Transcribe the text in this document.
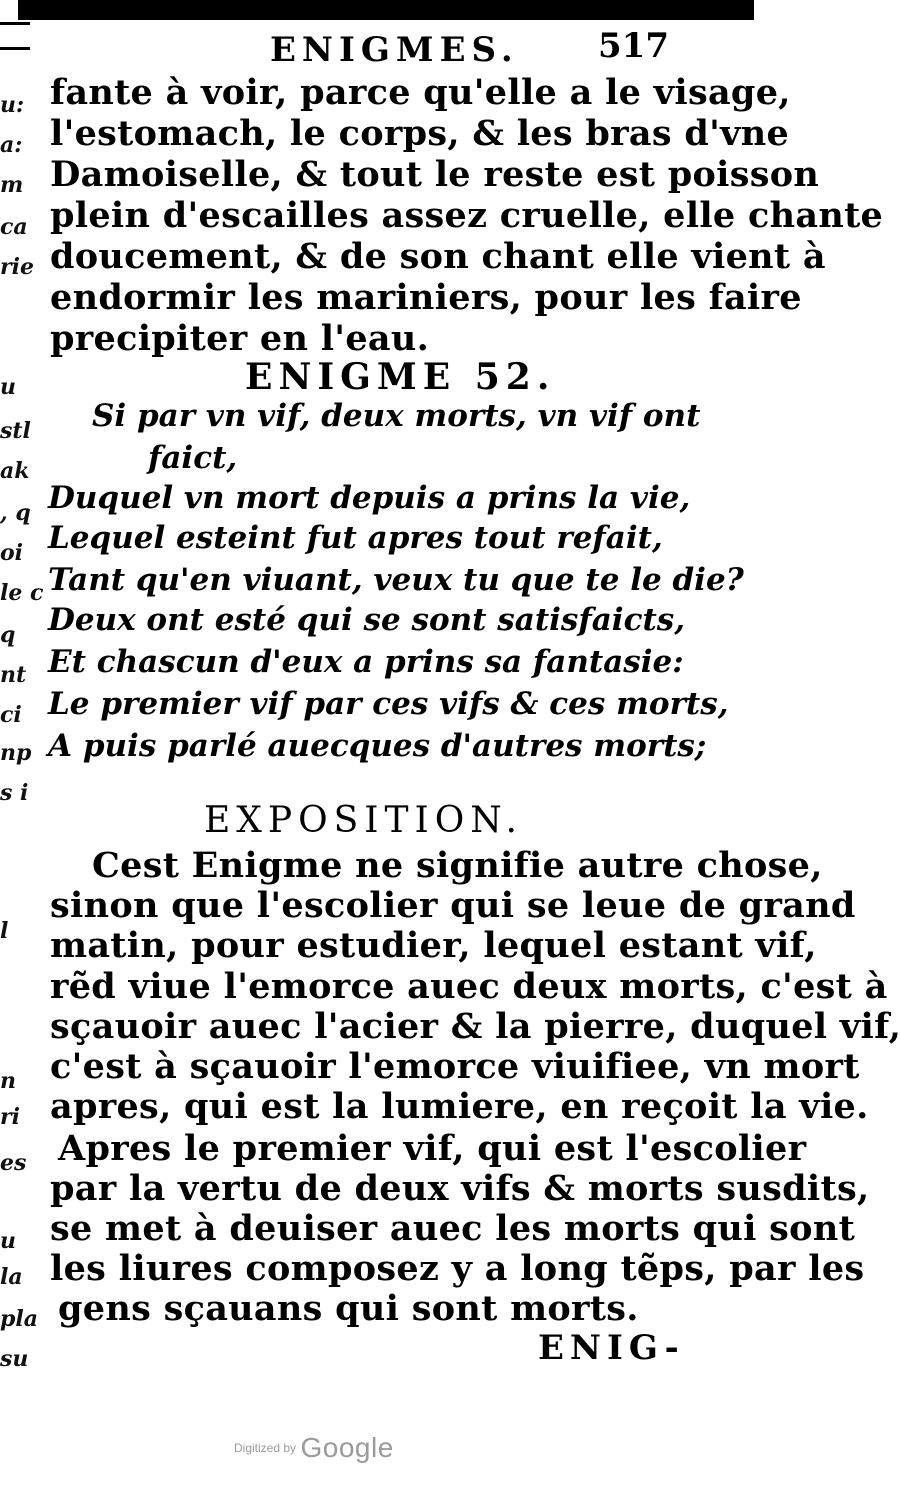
ENIGMES. 517
u:
a:
m
ca
rie
u
stl
ak
, q
oi
le c
q
nt
ci
np
s i
l
n
ri
es
u
la
pla
su
fante à voir, parce qu'elle a le visage,
l'estomach, le corps, & les bras d'vne
Damoiselle, & tout le reste est poisson
plein d'escailles assez cruelle, elle chante
doucement, & de son chant elle vient à
endormir les mariniers, pour les faire
precipiter en l'eau.
ENIGME 52.
Si par vn vif, deux morts, vn vif ont
faict,
Duquel vn mort depuis a prins la vie,
Lequel esteint fut apres tout refait,
Tant qu'en viuant, veux tu que te le die?
Deux ont esté qui se sont satisfaicts,
Et chascun d'eux a prins sa fantasie:
Le premier vif par ces vifs & ces morts,
A puis parlé auecques d'autres morts;
EXPOSITION.
Cest Enigme ne signifie autre chose,
sinon que l'escolier qui se leue de grand
matin, pour estudier, lequel estant vif,
rẽd viue l'emorce auec deux morts, c'est à
sçauoir auec l'acier & la pierre, duquel vif,
c'est à sçauoir l'emorce viuifiee, vn mort
apres, qui est la lumiere, en reçoit la vie.
Apres le premier vif, qui est l'escolier
par la vertu de deux vifs & morts susdits,
se met à deuiser auec les morts qui sont
les liures composez y a long tẽps, par les
gens sçauans qui sont morts.
ENIG-
Digitized by Google
